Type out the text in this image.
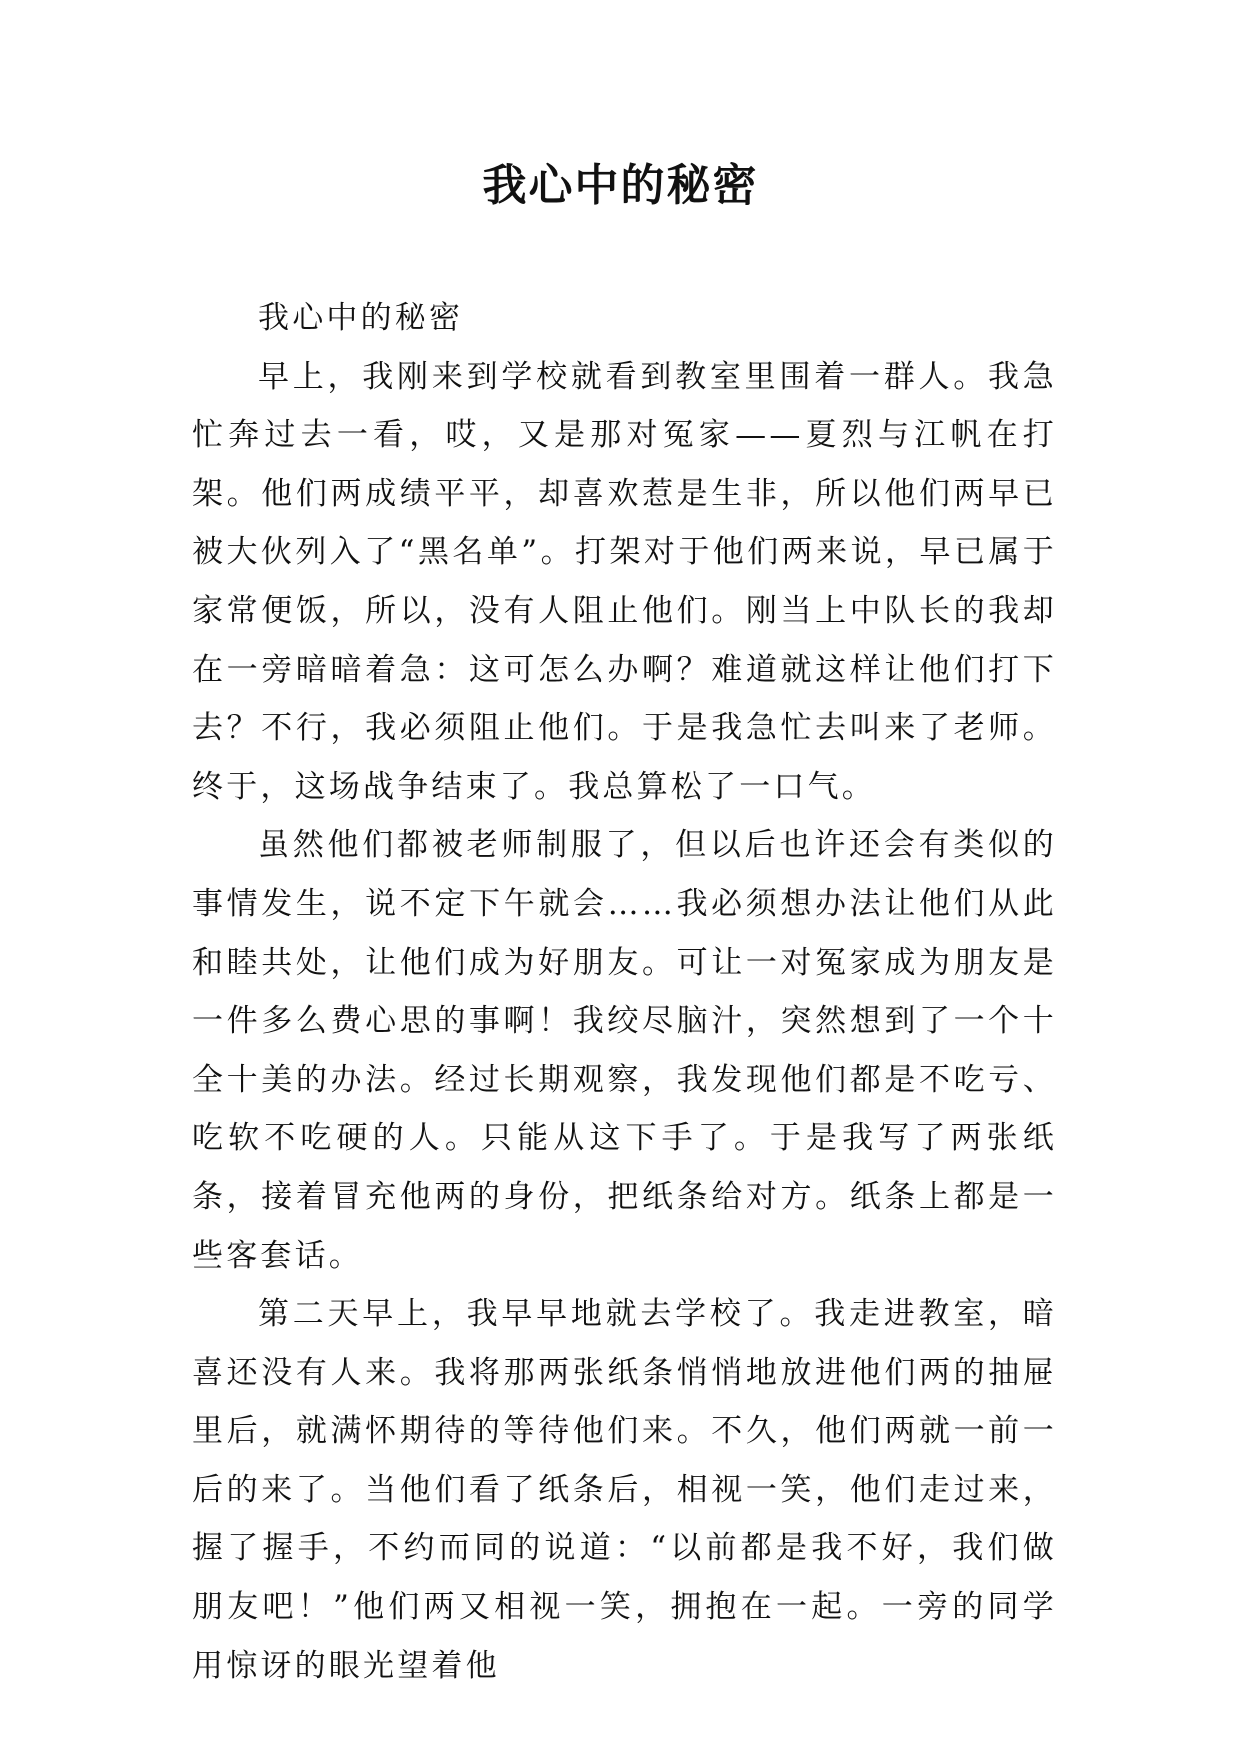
我心中的秘密

我心中的秘密

早上，我刚来到学校就看到教室里围着一群人。我急忙奔过去一看，哎，又是那对冤家——夏烈与江帆在打架。他们两成绩平平，却喜欢惹是生非，所以他们两早已被大伙列入了“黑名单”。打架对于他们两来说，早已属于家常便饭，所以，没有人阻止他们。刚当上中队长的我却在一旁暗暗着急：这可怎么办啊？难道就这样让他们打下去？不行，我必须阻止他们。于是我急忙去叫来了老师。终于，这场战争结束了。我总算松了一口气。

虽然他们都被老师制服了，但以后也许还会有类似的事情发生，说不定下午就会……我必须想办法让他们从此和睦共处，让他们成为好朋友。可让一对冤家成为朋友是一件多么费心思的事啊！我绞尽脑汁，突然想到了一个十全十美的办法。经过长期观察，我发现他们都是不吃亏、吃软不吃硬的人。只能从这下手了。于是我写了两张纸条，接着冒充他两的身份，把纸条给对方。纸条上都是一些客套话。

第二天早上，我早早地就去学校了。我走进教室，暗喜还没有人来。我将那两张纸条悄悄地放进他们两的抽屉里后，就满怀期待的等待他们来。不久，他们两就一前一后的来了。当他们看了纸条后，相视一笑，他们走过来，握了握手，不约而同的说道：“以前都是我不好，我们做朋友吧！”他们两又相视一笑，拥抱在一起。一旁的同学用惊讶的眼光望着他
